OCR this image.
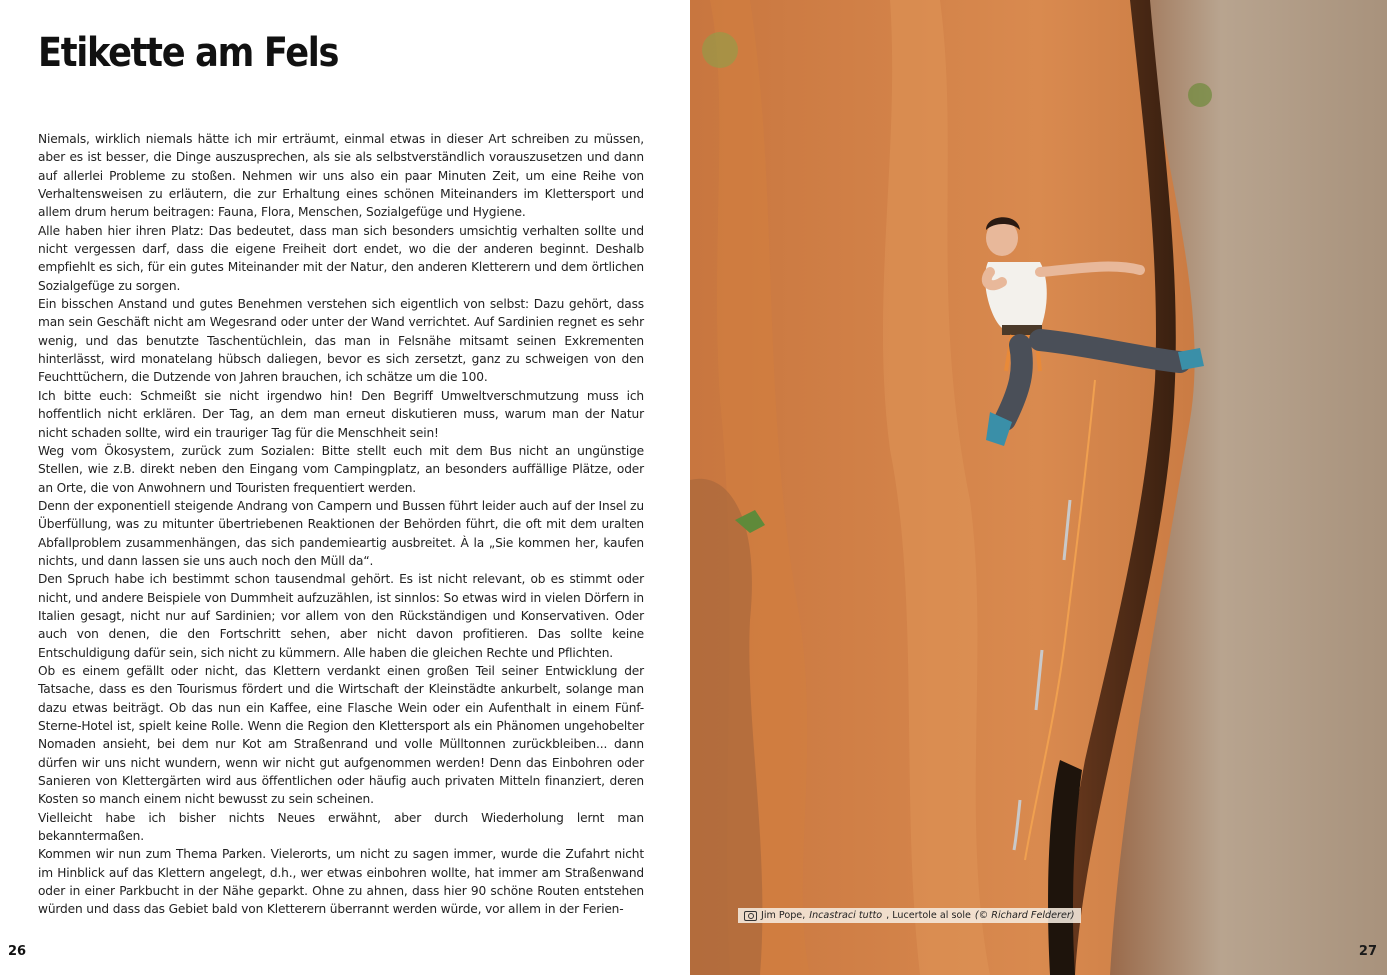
Etikette am Fels

Niemals, wirklich niemals hätte ich mir erträumt, einmal etwas in dieser Art schreiben zu müssen, aber es ist besser, die Dinge auszusprechen, als sie als selbstverständlich vorauszusetzen und dann auf allerlei Probleme zu stoßen. Nehmen wir uns also ein paar Minuten Zeit, um eine Reihe von Verhaltensweisen zu erläutern, die zur Erhaltung eines schönen Miteinanders im Klettersport und allem drum herum beitragen: Fauna, Flora, Menschen, Sozialgefüge und Hygiene.

Alle haben hier ihren Platz: Das bedeutet, dass man sich besonders umsichtig verhalten sollte und nicht vergessen darf, dass die eigene Freiheit dort endet, wo die der anderen beginnt. Deshalb empfiehlt es sich, für ein gutes Miteinander mit der Natur, den anderen Kletterern und dem örtlichen Sozialgefüge zu sorgen.

Ein bisschen Anstand und gutes Benehmen verstehen sich eigentlich von selbst: Dazu gehört, dass man sein Geschäft nicht am Wegesrand oder unter der Wand verrichtet. Auf Sardinien regnet es sehr wenig, und das benutzte Taschentüchlein, das man in Felsnähe mitsamt seinen Exkrementen hinterlässt, wird monatelang hübsch daliegen, bevor es sich zersetzt, ganz zu schweigen von den Feuchttüchern, die Dutzende von Jahren brauchen, ich schätze um die 100.

Ich bitte euch: Schmeißt sie nicht irgendwo hin! Den Begriff Umweltverschmutzung muss ich hoffentlich nicht erklären. Der Tag, an dem man erneut diskutieren muss, warum man der Natur nicht schaden sollte, wird ein trauriger Tag für die Menschheit sein!

Weg vom Ökosystem, zurück zum Sozialen: Bitte stellt euch mit dem Bus nicht an ungünstige Stellen, wie z.B. direkt neben den Eingang vom Campingplatz, an besonders auffällige Plätze, oder an Orte, die von Anwohnern und Touristen frequentiert werden.

Denn der exponentiell steigende Andrang von Campern und Bussen führt leider auch auf der Insel zu Überfüllung, was zu mitunter übertriebenen Reaktionen der Behörden führt, die oft mit dem uralten Abfallproblem zusammenhängen, das sich pandemieartig ausbreitet. À la „Sie kommen her, kaufen nichts, und dann lassen sie uns auch noch den Müll da“.

Den Spruch habe ich bestimmt schon tausendmal gehört. Es ist nicht relevant, ob es stimmt oder nicht, und andere Beispiele von Dummheit aufzuzählen, ist sinnlos: So etwas wird in vielen Dörfern in Italien gesagt, nicht nur auf Sardinien; vor allem von den Rückständigen und Konservativen. Oder auch von denen, die den Fortschritt sehen, aber nicht davon profitieren. Das sollte keine Entschuldigung dafür sein, sich nicht zu kümmern. Alle haben die gleichen Rechte und Pflichten.

Ob es einem gefällt oder nicht, das Klettern verdankt einen großen Teil seiner Entwicklung der Tatsache, dass es den Tourismus fördert und die Wirtschaft der Kleinstädte ankurbelt, solange man dazu etwas beiträgt. Ob das nun ein Kaffee, eine Flasche Wein oder ein Aufenthalt in einem Fünf-Sterne-Hotel ist, spielt keine Rolle. Wenn die Region den Klettersport als ein Phänomen ungehobelter Nomaden ansieht, bei dem nur Kot am Straßenrand und volle Mülltonnen zurückbleiben... dann dürfen wir uns nicht wundern, wenn wir nicht gut aufgenommen werden! Denn das Einbohren oder Sanieren von Klettergärten wird aus öffentlichen oder häufig auch privaten Mitteln finanziert, deren Kosten so manch einem nicht bewusst zu sein scheinen.

Vielleicht habe ich bisher nichts Neues erwähnt, aber durch Wiederholung lernt man bekanntermaßen.

Kommen wir nun zum Thema Parken. Vielerorts, um nicht zu sagen immer, wurde die Zufahrt nicht im Hinblick auf das Klettern angelegt, d.h., wer etwas einbohren wollte, hat immer am Straßenwand oder in einer Parkbucht in der Nähe geparkt. Ohne zu ahnen, dass hier 90 schöne Routen entstehen würden und dass das Gebiet bald von Kletterern überrannt werden würde, vor allem in der Ferien-

26
Jim Pope, Incastraci tutto , Lucertole al sole (© Richard Felderer)
27
